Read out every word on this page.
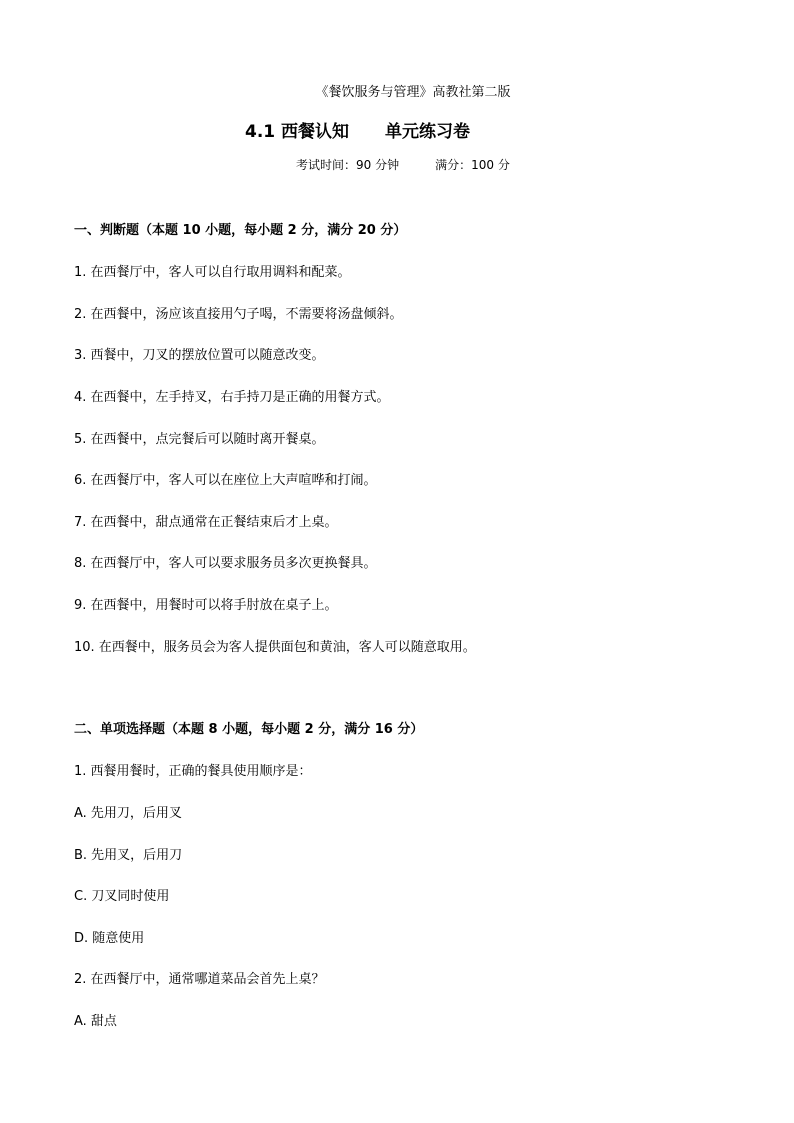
《餐饮服务与管理》高教社第二版
4.1 西餐认知 单元练习卷
考试时间：90 分钟	满分：100 分
一、判断题（本题 10 小题，每小题 2 分，满分 20 分）
1. 在西餐厅中，客人可以自行取用调料和配菜。
2. 在西餐中，汤应该直接用勺子喝，不需要将汤盘倾斜。
3. 西餐中，刀叉的摆放位置可以随意改变。
4. 在西餐中，左手持叉，右手持刀是正确的用餐方式。
5. 在西餐中，点完餐后可以随时离开餐桌。
6. 在西餐厅中，客人可以在座位上大声喧哗和打闹。
7. 在西餐中，甜点通常在正餐结束后才上桌。
8. 在西餐厅中，客人可以要求服务员多次更换餐具。
9. 在西餐中，用餐时可以将手肘放在桌子上。
10. 在西餐中，服务员会为客人提供面包和黄油，客人可以随意取用。
二、单项选择题（本题 8 小题，每小题 2 分，满分 16 分）
1. 西餐用餐时，正确的餐具使用顺序是：
A. 先用刀，后用叉
B. 先用叉，后用刀
C. 刀叉同时使用
D. 随意使用
2. 在西餐厅中，通常哪道菜品会首先上桌？
A. 甜点
